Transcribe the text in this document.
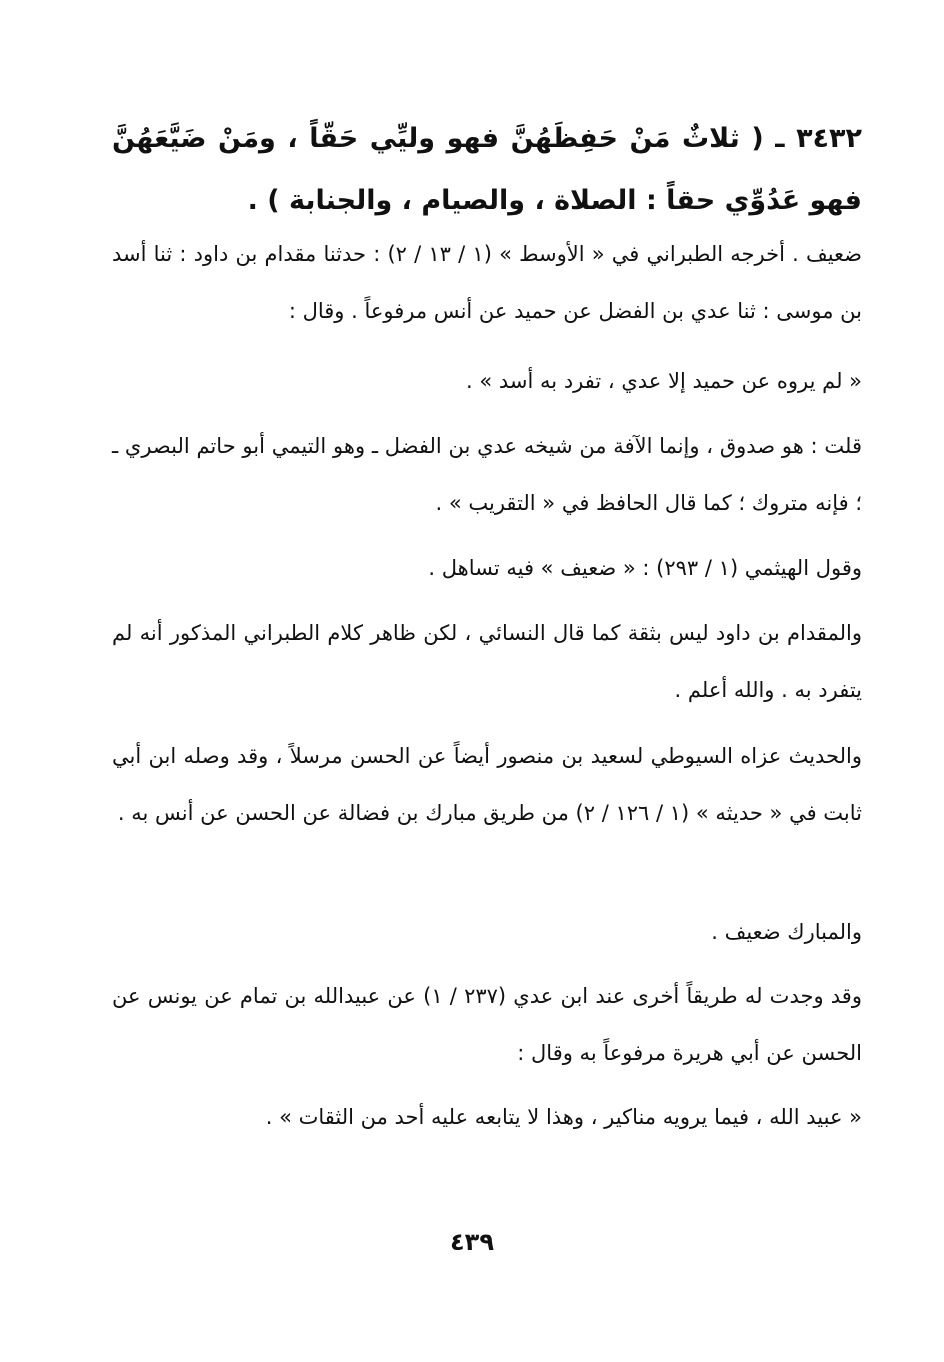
٣٤٣٢ ـ ( ثلاثٌ مَنْ حَفِظَهُنَّ فهو وليِّي حَقّاً ، ومَنْ ضَيَّعَهُنَّ فهو عَدُوِّي حقاً : الصلاة ، والصيام ، والجنابة ) .
ضعيف . أخرجه الطبراني في « الأوسط » (١ / ١٣ / ٢) : حدثنا مقدام بن داود : ثنا أسد بن موسى : ثنا عدي بن الفضل عن حميد عن أنس مرفوعاً . وقال :
« لم يروه عن حميد إلا عدي ، تفرد به أسد » .
قلت : هو صدوق ، وإنما الآفة من شيخه عدي بن الفضل ـ وهو التيمي أبو حاتم البصري ـ ؛ فإنه متروك ؛ كما قال الحافظ في « التقريب » .
وقول الهيثمي (١ / ٢٩٣) : « ضعيف » فيه تساهل .
والمقدام بن داود ليس بثقة كما قال النسائي ، لكن ظاهر كلام الطبراني المذكور أنه لم يتفرد به . والله أعلم .
والحديث عزاه السيوطي لسعيد بن منصور أيضاً عن الحسن مرسلاً ، وقد وصله ابن أبي ثابت في « حديثه » (١ / ١٢٦ / ٢) من طريق مبارك بن فضالة عن الحسن عن أنس به .
والمبارك ضعيف .
وقد وجدت له طريقاً أخرى عند ابن عدي (٢٣٧ / ١) عن عبيدالله بن تمام عن يونس عن الحسن عن أبي هريرة مرفوعاً به وقال :
« عبيد الله ، فيما يرويه مناكير ، وهذا لا يتابعه عليه أحد من الثقات » .
٤٣٩
